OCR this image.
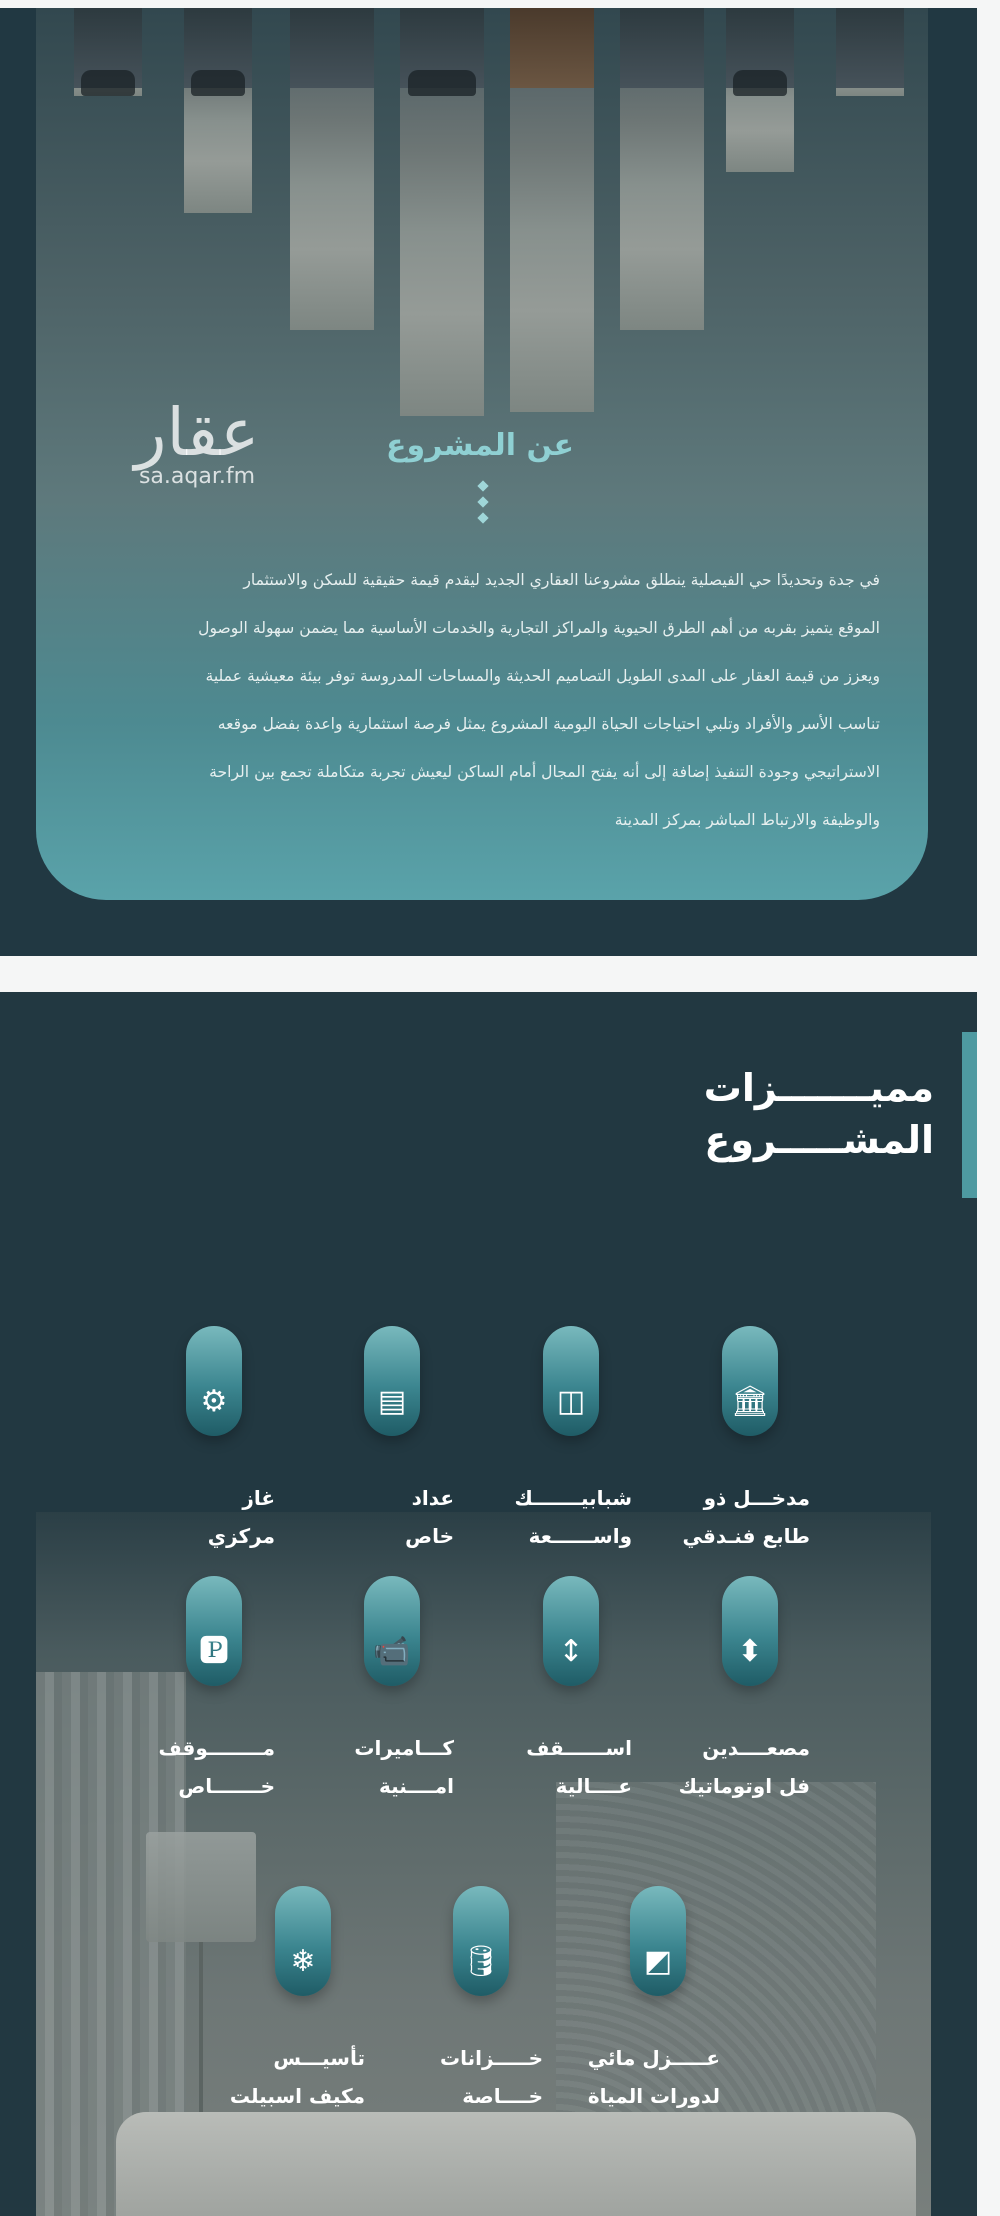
عقار
sa.aqar.fm
عن المشروع
في جدة وتحديدًا حي الفيصلية ينطلق مشروعنا العقاري الجديد ليقدم قيمة حقيقية للسكن والاستثمار
الموقع يتميز بقربه من أهم الطرق الحيوية والمراكز التجارية والخدمات الأساسية مما يضمن سهولة الوصول
ويعزز من قيمة العقار على المدى الطويل التصاميم الحديثة والمساحات المدروسة توفر بيئة معيشية عملية
تناسب الأسر والأفراد وتلبي احتياجات الحياة اليومية المشروع يمثل فرصة استثمارية واعدة بفضل موقعه
الاستراتيجي وجودة التنفيذ إضافة إلى أنه يفتح المجال أمام الساكن ليعيش تجربة متكاملة تجمع بين الراحة
والوظيفة والارتباط المباشر بمركز المدينة
مميـــــــزات
المشـــــروع
🏛
مدخـــل ذو
طابع فنـدقي
◫
شبابيـــــــك
واســــــعة
▤
عداد
خاص
⚙
غاز
مركزي
⬍
مصعــــدين
فل اوتوماتيك
↕
اســــــقف
عــــالية
📹
كـــاميرات
امــــنية
🅿
مــــــــوقف
خـــــــاص
◩
عـــــزل مائي
لدورات المياة
🛢
خـــــزانات
خــــاصة
❄
تأسيـــس
مكيف اسبيلت
